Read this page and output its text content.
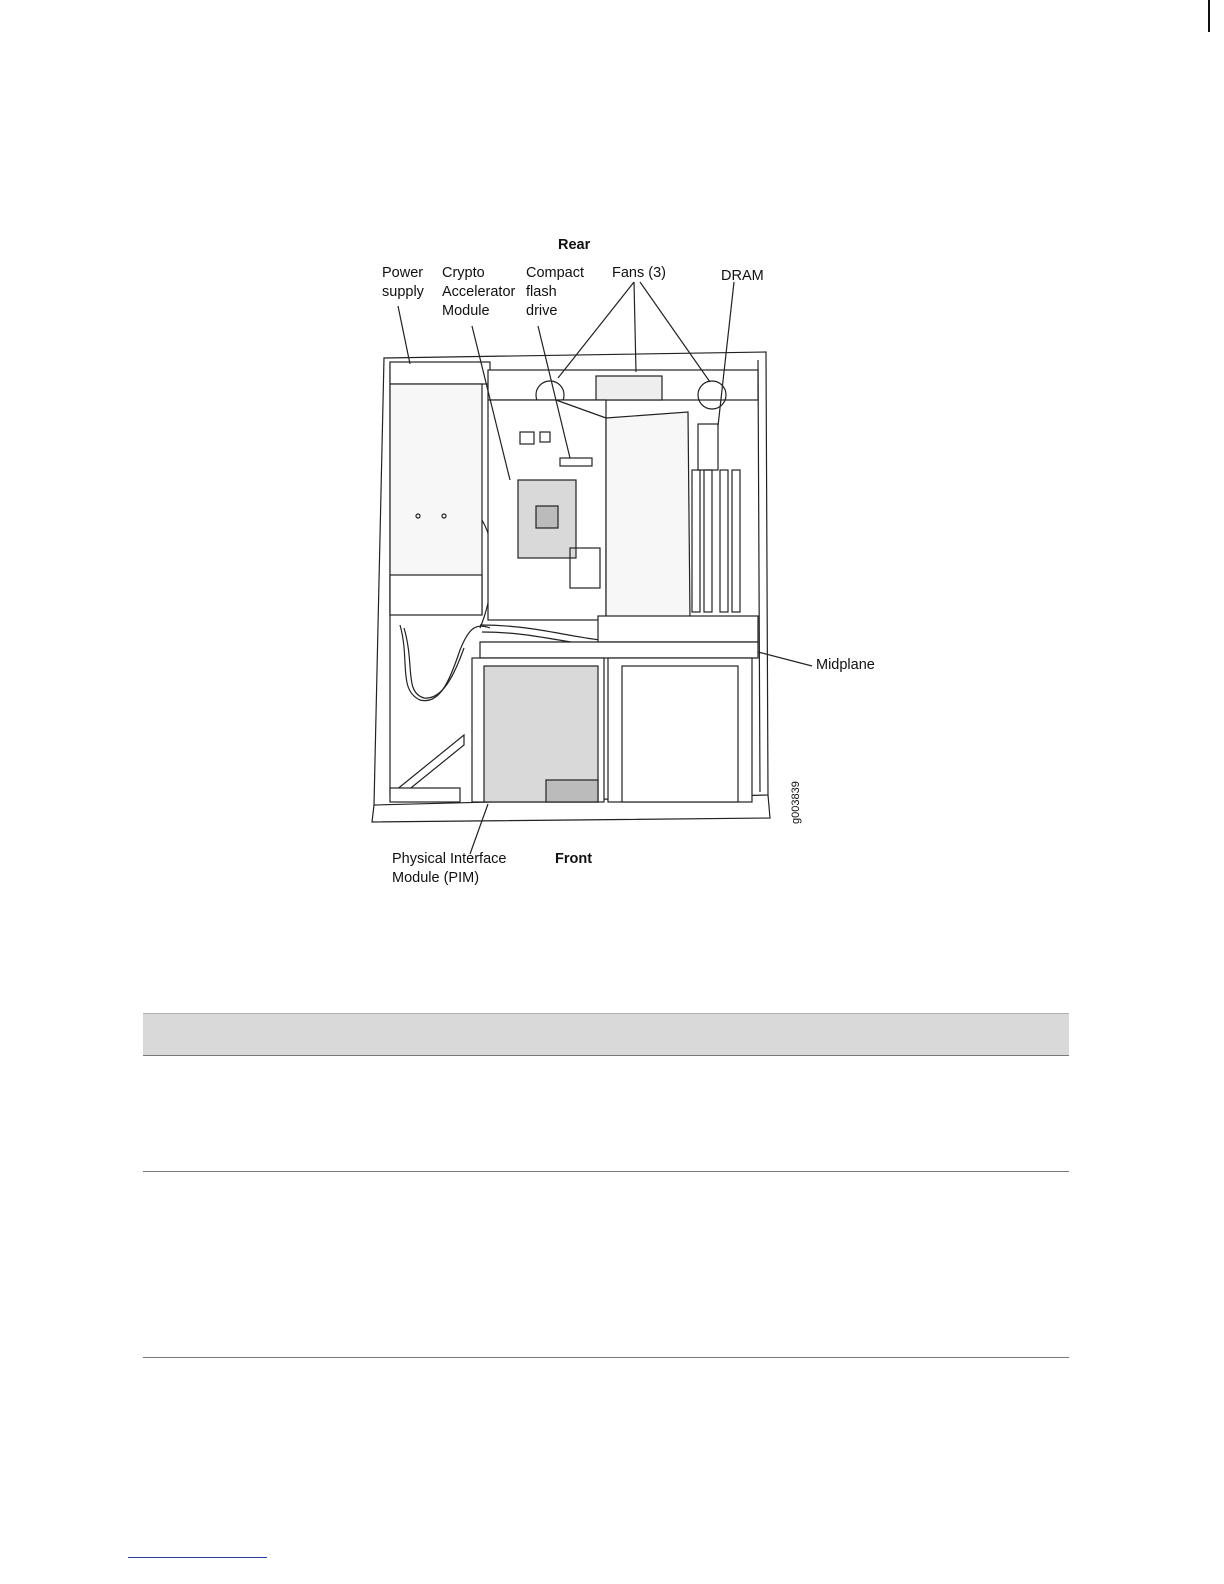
Rear
Power
supply
Crypto
Accelerator
Module
Compact
flash
drive
Fans (3)	DRAM
Midplane
Physical Interface
Module (PIM)
Front
g003839
